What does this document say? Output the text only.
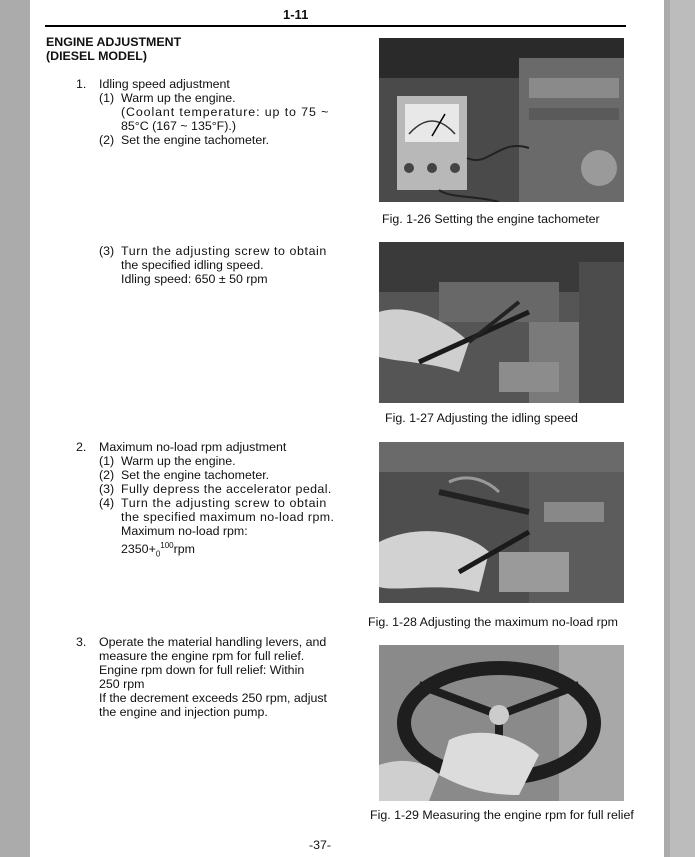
1-11
ENGINE ADJUSTMENT
(DIESEL MODEL)
1. Idling speed adjustment
(1) Warm up the engine.
(Coolant temperature: up to 75 ~
85°C (167 ~ 135°F).)
(2) Set the engine tachometer.
(3) Turn the adjusting screw to obtain
the specified idling speed.
Idling speed: 650 ± 50 rpm
2. Maximum no-load rpm adjustment
(1) Warm up the engine.
(2) Set the engine tachometer.
(3) Fully depress the accelerator pedal.
(4) Turn the adjusting screw to obtain
the specified maximum no-load rpm.
Maximum no-load rpm:
$2350+_0^{100}rpm$
3. Operate the material handling levers, and
measure the engine rpm for full relief.
Engine rpm down for full relief: Within
250 rpm
If the decrement exceeds 250 rpm, adjust
the engine and injection pump.
Fig. 1-26 Setting the engine tachometer
Fig. 1-27 Adjusting the idling speed
Fig. 1-28 Adjusting the maximum no-load rpm
Fig. 1-29 Measuring the engine rpm for full relief
-37-
